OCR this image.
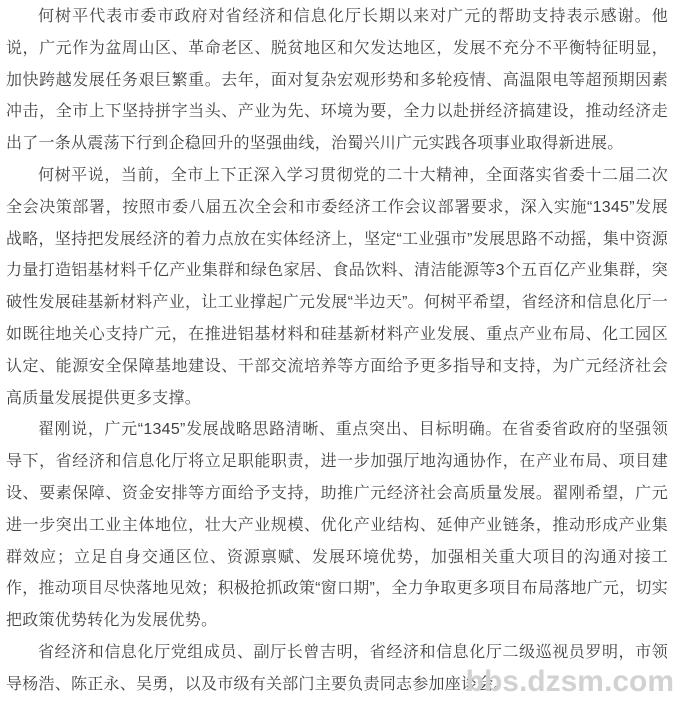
何树平代表市委市政府对省经济和信息化厅长期以来对广元的帮助支持表示感谢。他说，广元作为盆周山区、革命老区、脱贫地区和欠发达地区，发展不充分不平衡特征明显，加快跨越发展任务艰巨繁重。去年，面对复杂宏观形势和多轮疫情、高温限电等超预期因素冲击，全市上下坚持拼字当头、产业为先、环境为要，全力以赴拼经济搞建设，推动经济走出了一条从震荡下行到企稳回升的坚强曲线，治蜀兴川广元实践各项事业取得新进展。

何树平说，当前，全市上下正深入学习贯彻党的二十大精神，全面落实省委十二届二次全会决策部署，按照市委八届五次全会和市委经济工作会议部署要求，深入实施“1345”发展战略，坚持把发展经济的着力点放在实体经济上，坚定“工业强市”发展思路不动摇，集中资源力量打造铝基材料千亿产业集群和绿色家居、食品饮料、清洁能源等3个五百亿产业集群，突破性发展硅基新材料产业，让工业撑起广元发展“半边天”。何树平希望，省经济和信息化厅一如既往地关心支持广元，在推进铝基材料和硅基新材料产业发展、重点产业布局、化工园区认定、能源安全保障基地建设、干部交流培养等方面给予更多指导和支持，为广元经济社会高质量发展提供更多支撑。

翟刚说，广元“1345”发展战略思路清晰、重点突出、目标明确。在省委省政府的坚强领导下，省经济和信息化厅将立足职能职责，进一步加强厅地沟通协作，在产业布局、项目建设、要素保障、资金安排等方面给予支持，助推广元经济社会高质量发展。翟刚希望，广元进一步突出工业主体地位，壮大产业规模、优化产业结构、延伸产业链条，推动形成产业集群效应；立足自身交通区位、资源禀赋、发展环境优势，加强相关重大项目的沟通对接工作，推动项目尽快落地见效；积极抢抓政策“窗口期”，全力争取更多项目布局落地广元，切实把政策优势转化为发展优势。

省经济和信息化厅党组成员、副厅长曾吉明，省经济和信息化厅二级巡视员罗明，市领导杨浩、陈正永、吴勇，以及市级有关部门主要负责同志参加座谈会。

bbs.dzsm.com
